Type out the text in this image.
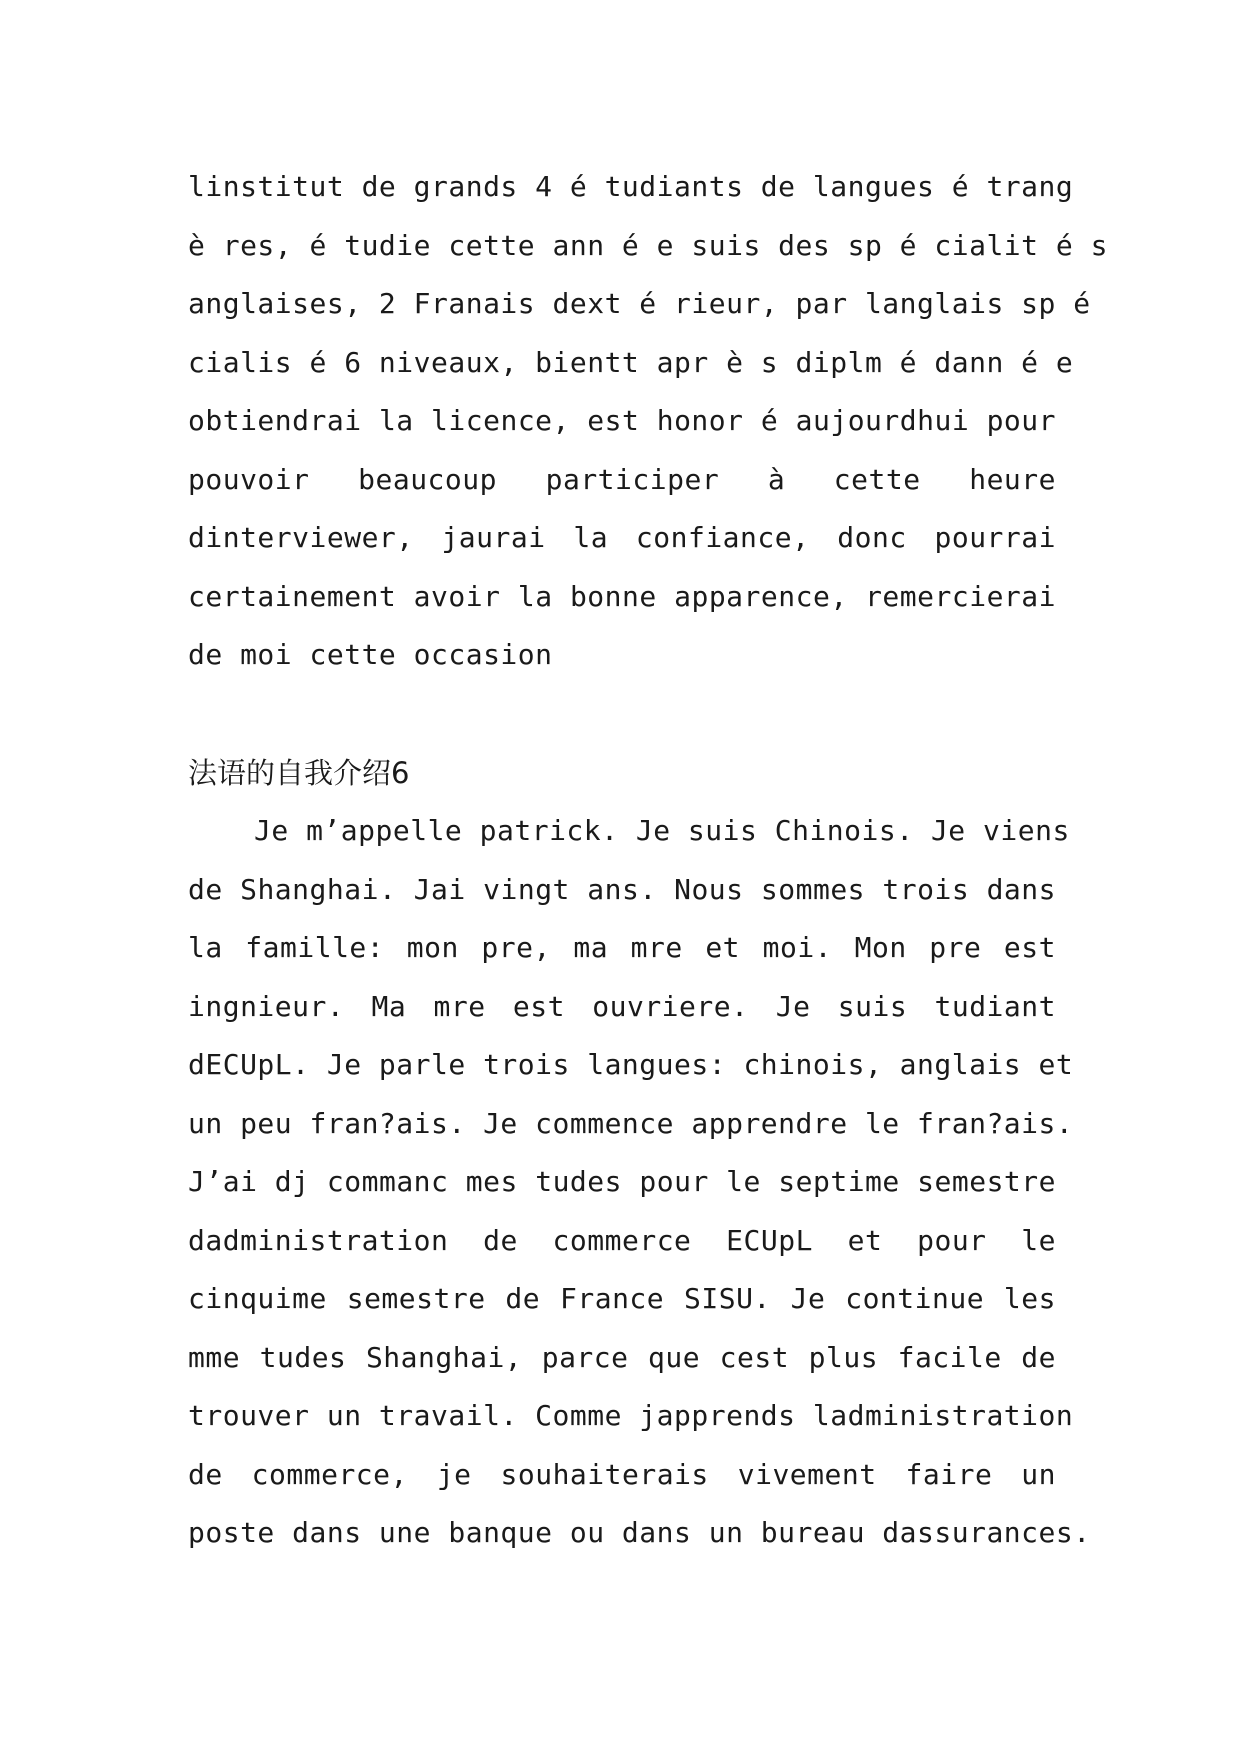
linstitut de grands 4 é tudiants de langues é trang
è res, é tudie cette ann é e suis des sp é cialit é s
anglaises, 2 Franais dext é rieur, par langlais sp é
cialis é 6 niveaux, bientt apr è s diplm é dann é e
obtiendrai la licence, est honor é aujourdhui pour
pouvoir beaucoup participer à cette heure
dinterviewer, jaurai la confiance, donc pourrai
certainement avoir la bonne apparence, remercierai
de moi cette occasion
法语的自我介绍6
Je m’appelle patrick. Je suis Chinois. Je viens
de Shanghai. Jai vingt ans. Nous sommes trois dans
la famille: mon pre, ma mre et moi. Mon pre est
ingnieur. Ma mre est ouvriere. Je suis tudiant
dECUpL. Je parle trois langues: chinois, anglais et
un peu fran?ais. Je commence apprendre le fran?ais.
J’ai dj commanc mes tudes pour le septime semestre
dadministration de commerce ECUpL et pour le
cinquime semestre de France SISU. Je continue les
mme tudes Shanghai, parce que cest plus facile de
trouver un travail. Comme japprends ladministration
de commerce, je souhaiterais vivement faire un
poste dans une banque ou dans un bureau dassurances.
